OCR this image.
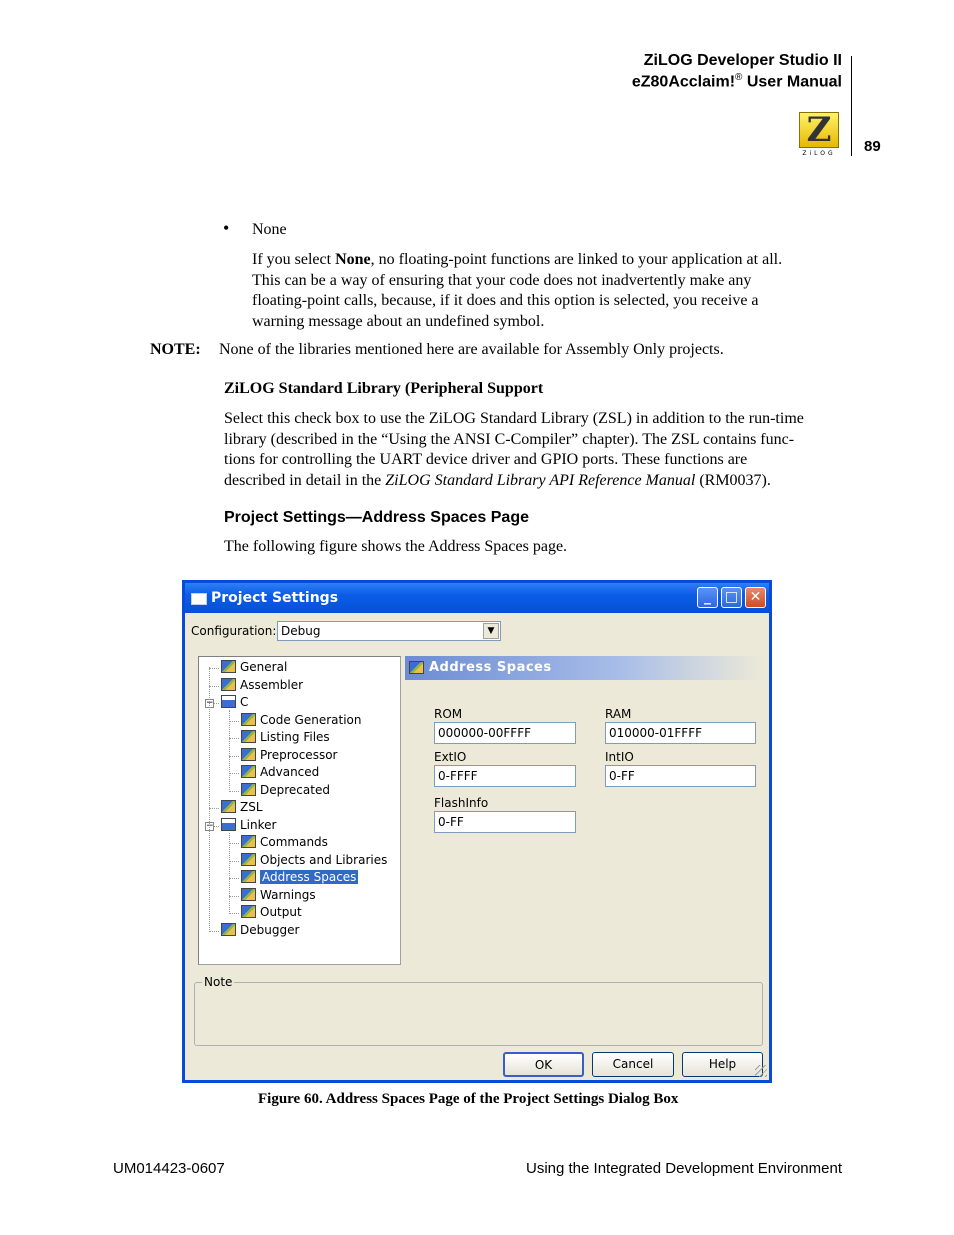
ZiLOG Developer Studio II
eZ80Acclaim!® User Manual
Z
ZiLOG	89
• None
If you select None, no floating-point functions are linked to your application at all.
This can be a way of ensuring that your code does not inadvertently make any
floating-point calls, because, if it does and this option is selected, you receive a
warning message about an undefined symbol.
NOTE: None of the libraries mentioned here are available for Assembly Only projects.
ZiLOG Standard Library (Peripheral Support
Select this check box to use the ZiLOG Standard Library (ZSL) in addition to the run-time
library (described in the “Using the ANSI C-Compiler” chapter). The ZSL contains func-
tions for controlling the UART device driver and GPIO ports. These functions are
described in detail in the ZiLOG Standard Library API Reference Manual (RM0037).
Project Settings—Address Spaces Page
The following figure shows the Address Spaces page.
Project Settings	_ □ ✕
Configuration: Debug	▼
General
Assembler
C
−
Code Generation
Listing Files
Preprocessor
Advanced
Deprecated
ZSL
Linker
−
Commands
Objects and Libraries
Address Spaces
Warnings
Output
Debugger
Address Spaces
ROM
000000-00FFFF
RAM
010000-01FFFF
ExtIO
0-FFFF
IntIO
0-FF
FlashInfo
0-FF
Note
OK	Cancel	Help
Figure 60. Address Spaces Page of the Project Settings Dialog Box
UM014423-0607	Using the Integrated Development Environment
